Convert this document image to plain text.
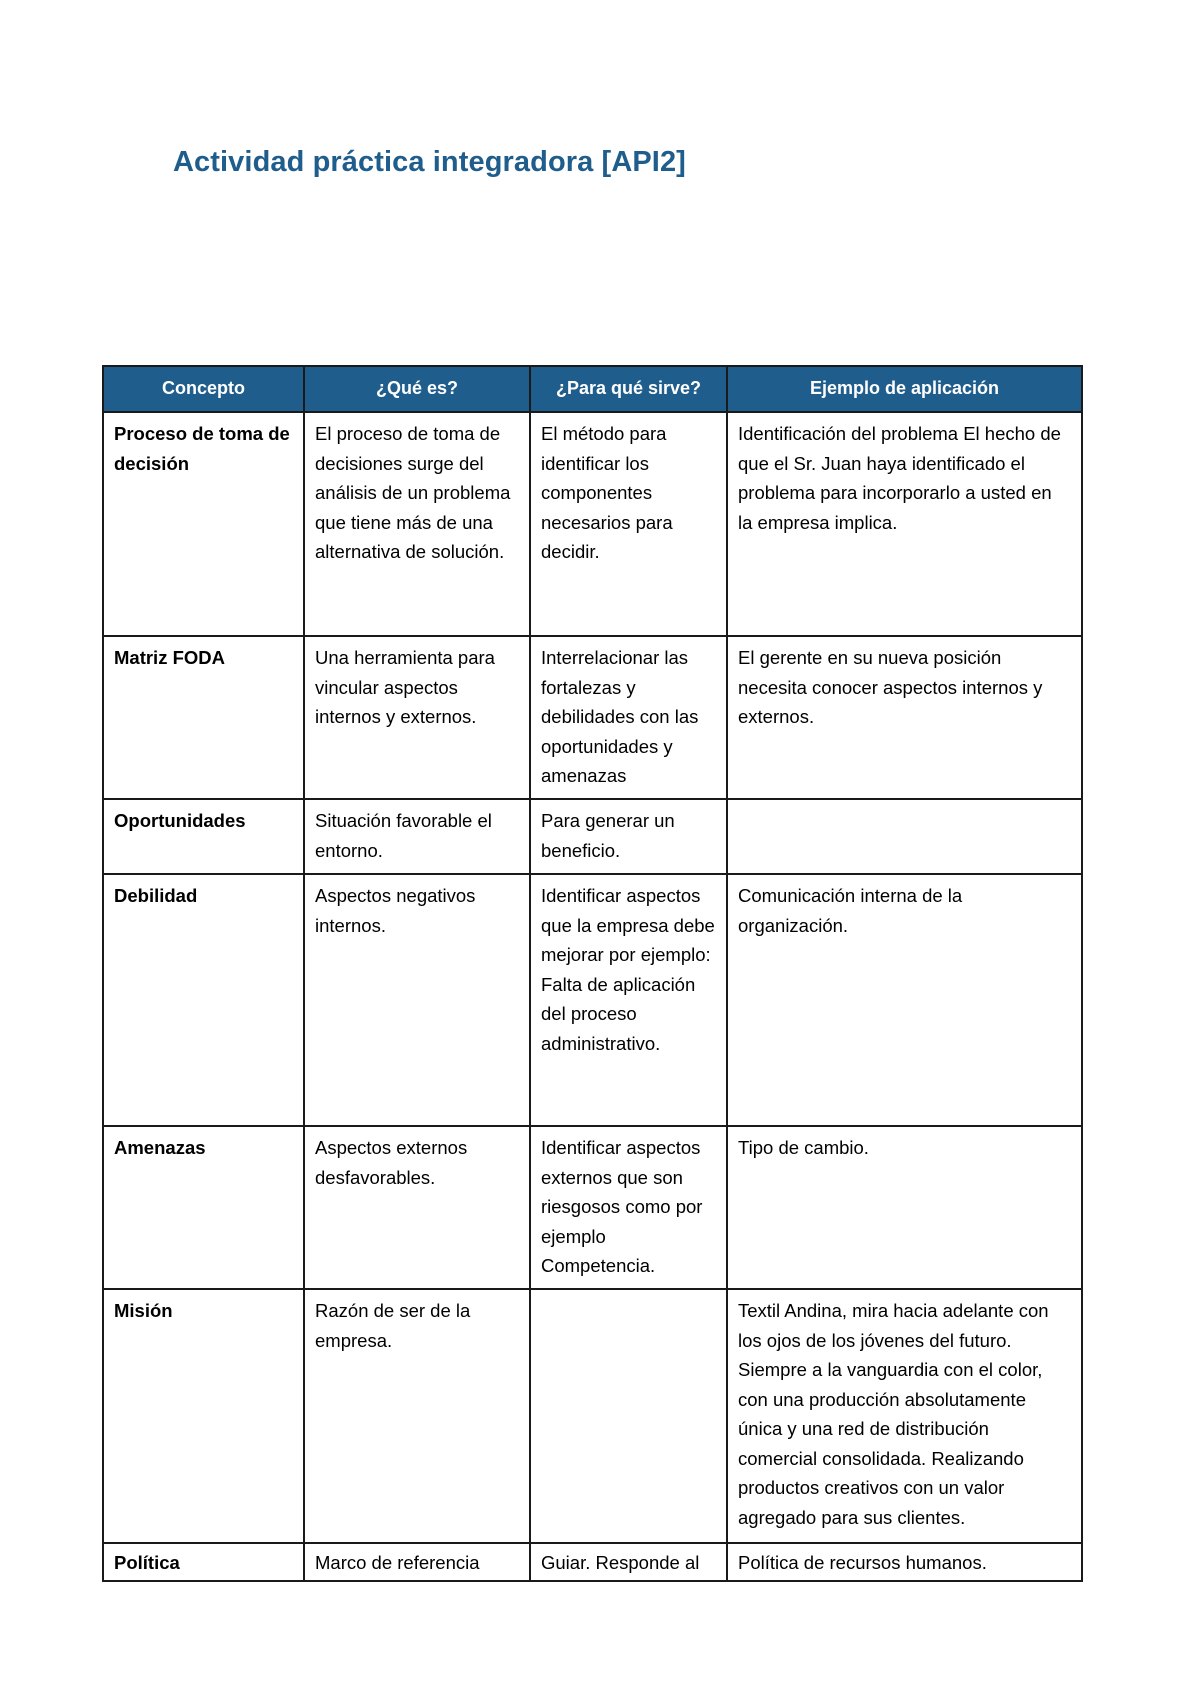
Actividad práctica integradora [API2]
Concepto	¿Qué es?	¿Para qué sirve?	Ejemplo de aplicación
Proceso de toma de decisión	El proceso de toma de decisiones surge del análisis de un problema que tiene más de una alternativa de solución.	El método para identificar los componentes necesarios para decidir.	Identificación del problema El hecho de que el Sr. Juan haya identificado el problema para incorporarlo a usted en la empresa implica.
Matriz FODA	Una herramienta para vincular aspectos internos y externos.	Interrelacionar las fortalezas y debilidades con las oportunidades y amenazas	El gerente en su nueva posición necesita conocer aspectos internos y externos.
Oportunidades	Situación favorable el entorno.	Para generar un beneficio.	
Debilidad	Aspectos negativos internos.	Identificar aspectos que la empresa debe mejorar por ejemplo: Falta de aplicación del proceso administrativo.	Comunicación interna de la organización.
Amenazas	Aspectos externos desfavorables.	Identificar aspectos externos que son riesgosos como por ejemplo Competencia.	Tipo de cambio.
Misión	Razón de ser de la empresa.		Textil Andina, mira hacia adelante con los ojos de los jóvenes del futuro. Siempre a la vanguardia con el color, con una producción absolutamente única y una red de distribución comercial consolidada. Realizando productos creativos con un valor agregado para sus clientes.
Política	Marco de referencia	Guiar. Responde al	Política de recursos humanos.
